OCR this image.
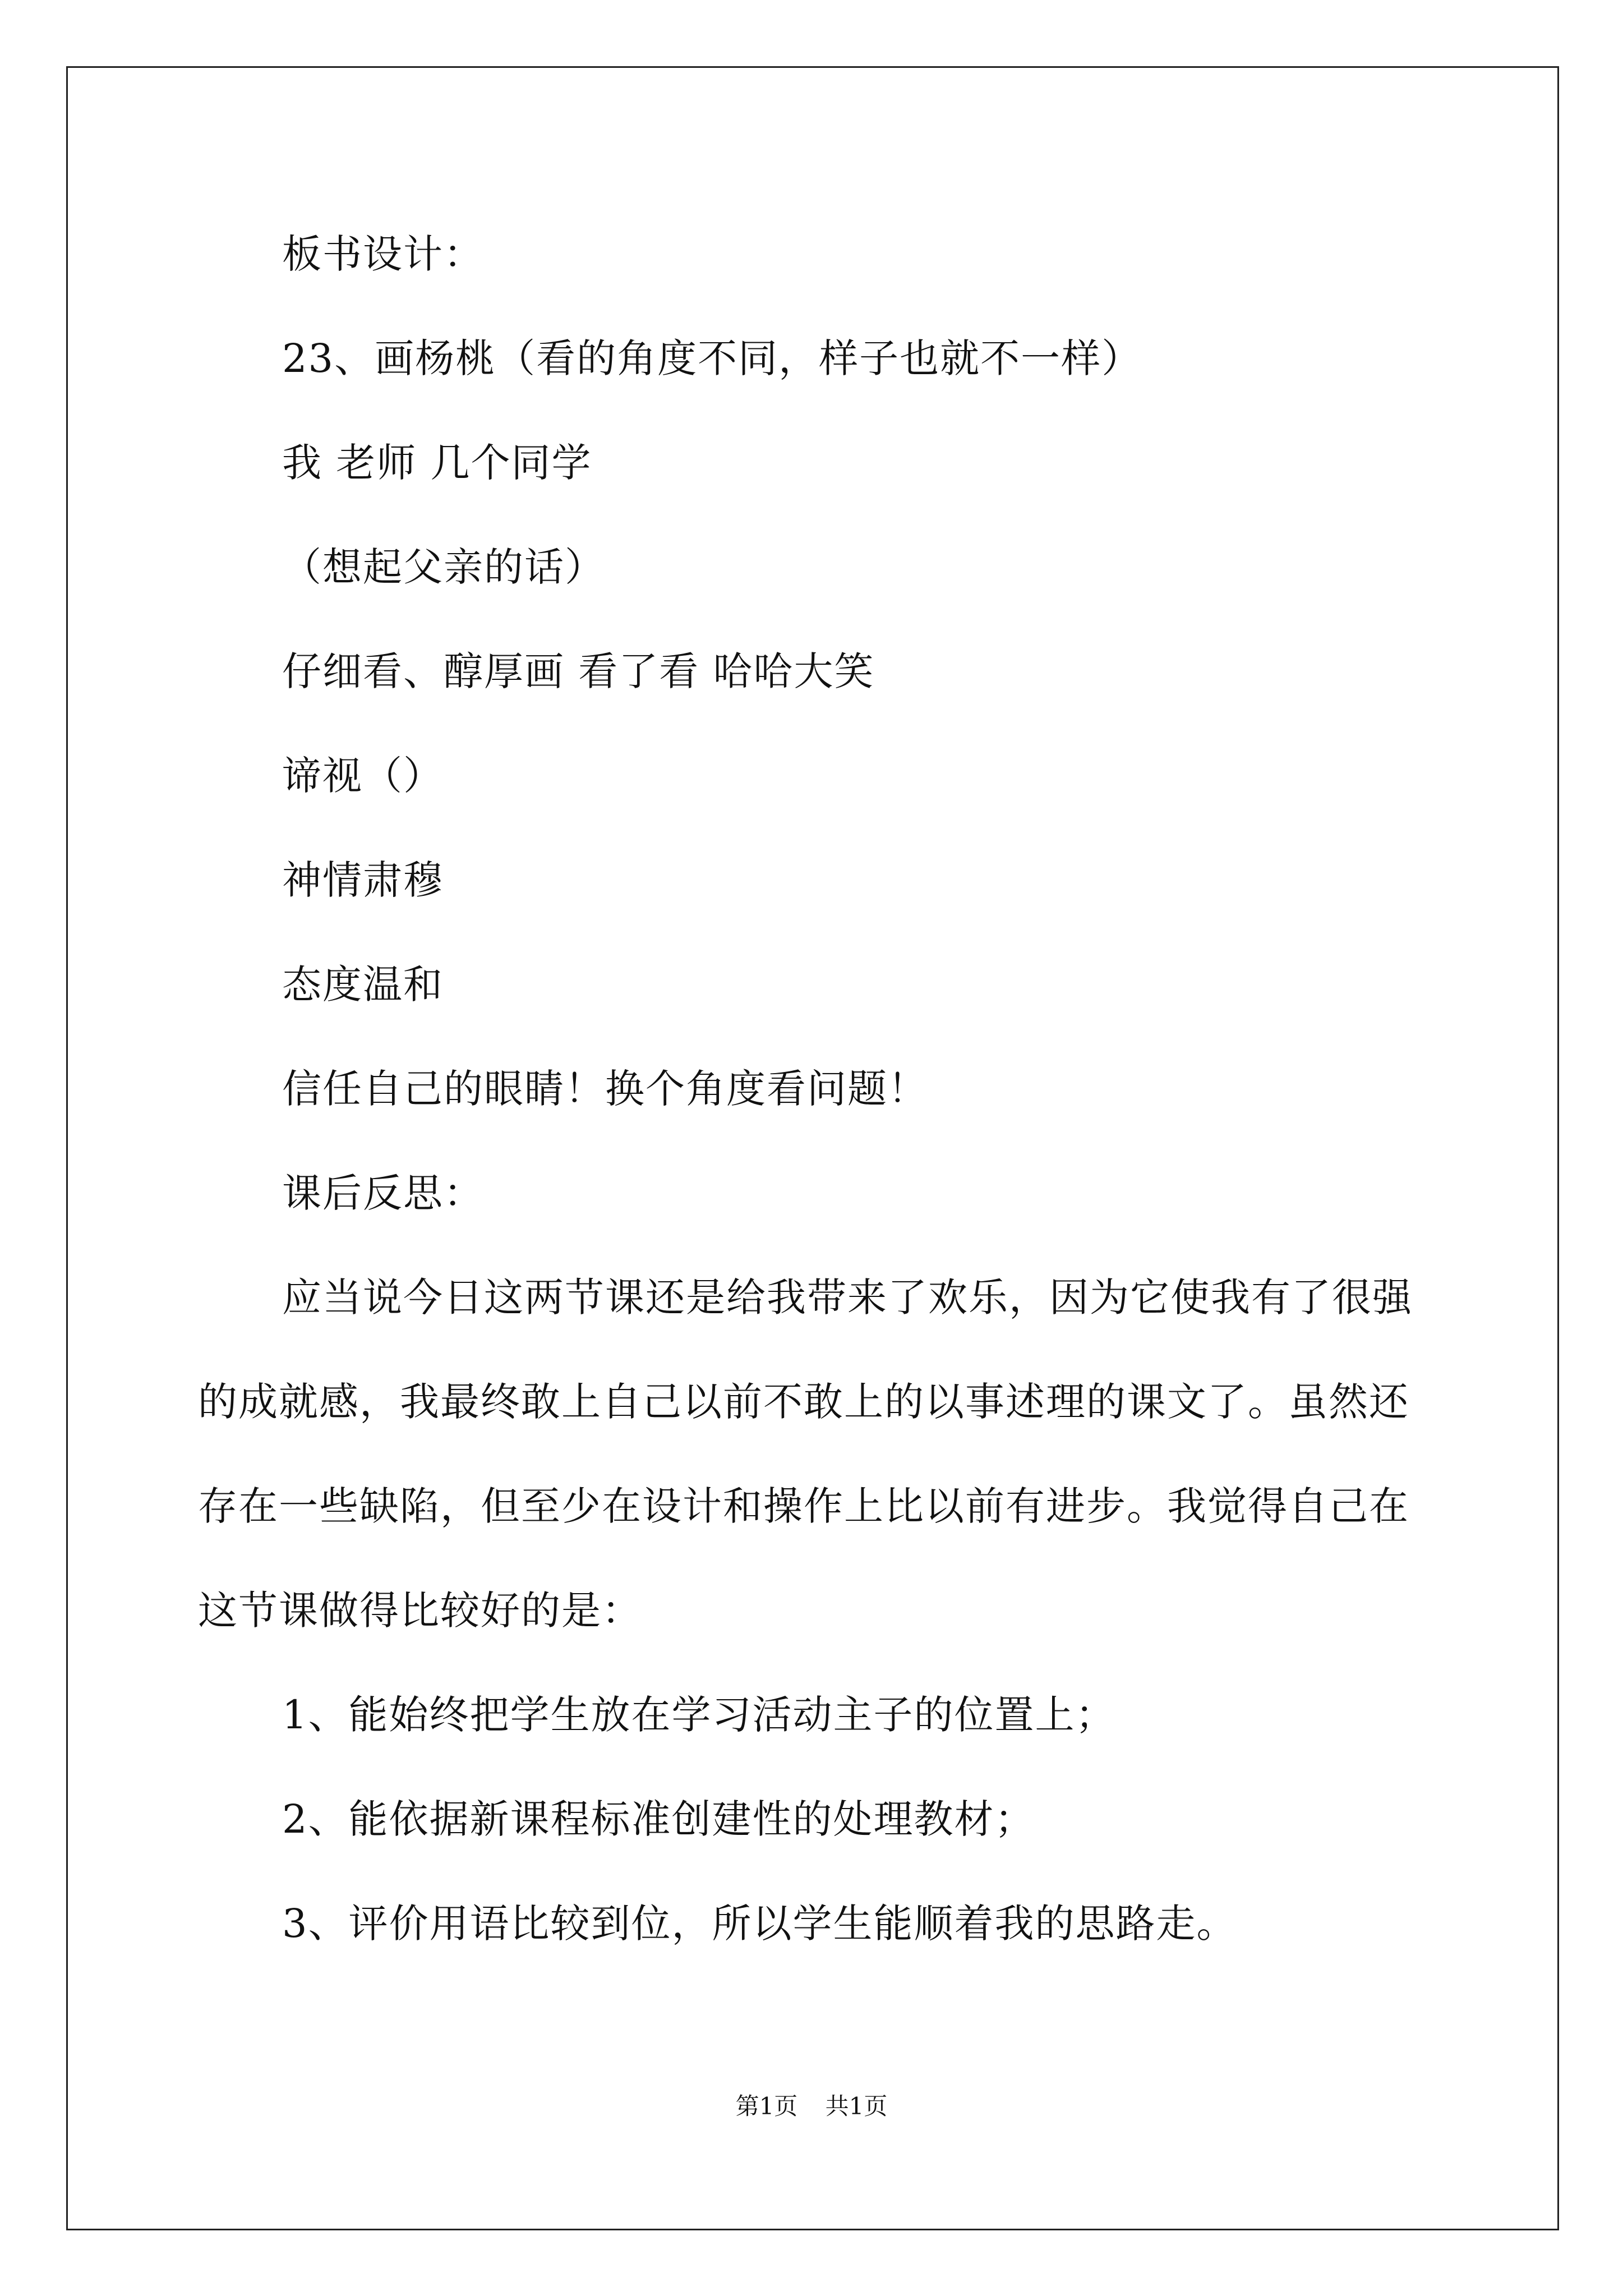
板书设计：
23、画杨桃（看的角度不同，样子也就不一样）
我 老师 几个同学
（想起父亲的话）
仔细看、醇厚画 看了看 哈哈大笑
谛视（）
神情肃穆
态度温和
信任自己的眼睛！换个角度看问题！
课后反思：
应当说今日这两节课还是给我带来了欢乐，因为它使我有了很强
的成就感，我最终敢上自己以前不敢上的以事述理的课文了。虽然还
存在一些缺陷，但至少在设计和操作上比以前有进步。我觉得自己在
这节课做得比较好的是：
1、能始终把学生放在学习活动主子的位置上；
2、能依据新课程标准创建性的处理教材；
3、评价用语比较到位，所以学生能顺着我的思路走。
第1页 共1页
